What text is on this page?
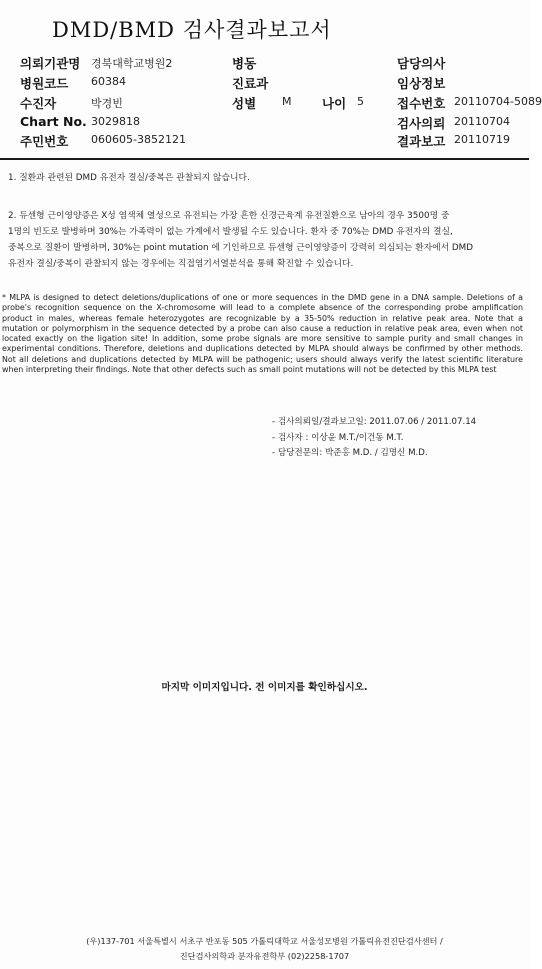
DMD/BMD 검사결과보고서
의뢰기관명 경북대학교병원2
병원코드 60384
수진자	박경빈
Chart No. 3029818
주민번호 060605-3852121
병동
진료과
성별 M 나이 5
담당의사
임상정보
접수번호 20110704-5089
검사의뢰 20110704
결과보고 20110719
1. 질환과 관련된 DMD 유전자 결실/중복은 관찰되지 않습니다.
2. 듀센형 근이영양증은 X성 염색체 열성으로 유전되는 가장 흔한 신경근육계 유전질환으로 남아의 경우 3500명 중
1명의 빈도로 발병하며 30%는 가족력이 없는 가계에서 발생될 수도 있습니다. 환자 중 70%는 DMD 유전자의 결실,
중복으로 질환이 발병하며, 30%는 point mutation 에 기인하므로 듀센형 근이영양증이 강력히 의심되는 환자에서 DMD
유전자 결실/중복이 관찰되지 않는 경우에는 직접염기서열분석을 통해 확진할 수 있습니다.
* MLPA is designed to detect deletions/duplications of one or more sequences in the DMD gene in a DNA sample. Deletions of a probe's recognition sequence on the X-chromosome will lead to a complete absence of the corresponding probe amplification product in males, whereas female heterozygotes are recognizable by a 35-50% reduction in relative peak area. Note that a mutation or polymorphism in the sequence detected by a probe can also cause a reduction in relative peak area, even when not located exactly on the ligation site! In addition, some probe signals are more sensitive to sample purity and small changes in experimental conditions. Therefore, deletions and duplications detected by MLPA should always be confirmed by other methods. Not all deletions and duplications detected by MLPA will be pathogenic; users should always verify the latest scientific literature when interpreting their findings. Note that other defects such as small point mutations will not be detected by this MLPA test
- 검사의뢰일/결과보고일: 2011.07.06 / 2011.07.14
- 검사자 : 이상윤 M.T./이건동 M.T.
- 담당전문의: 박준홍 M.D. / 김명신 M.D.
마지막 이미지입니다. 전 이미지를 확인하십시오.
(우)137-701 서울특별시 서초구 반포동 505 가톨릭대학교 서울성모병원 가톨릭유전진단검사센터 /
진단검사의학과 분자유전학부 (02)2258-1707
